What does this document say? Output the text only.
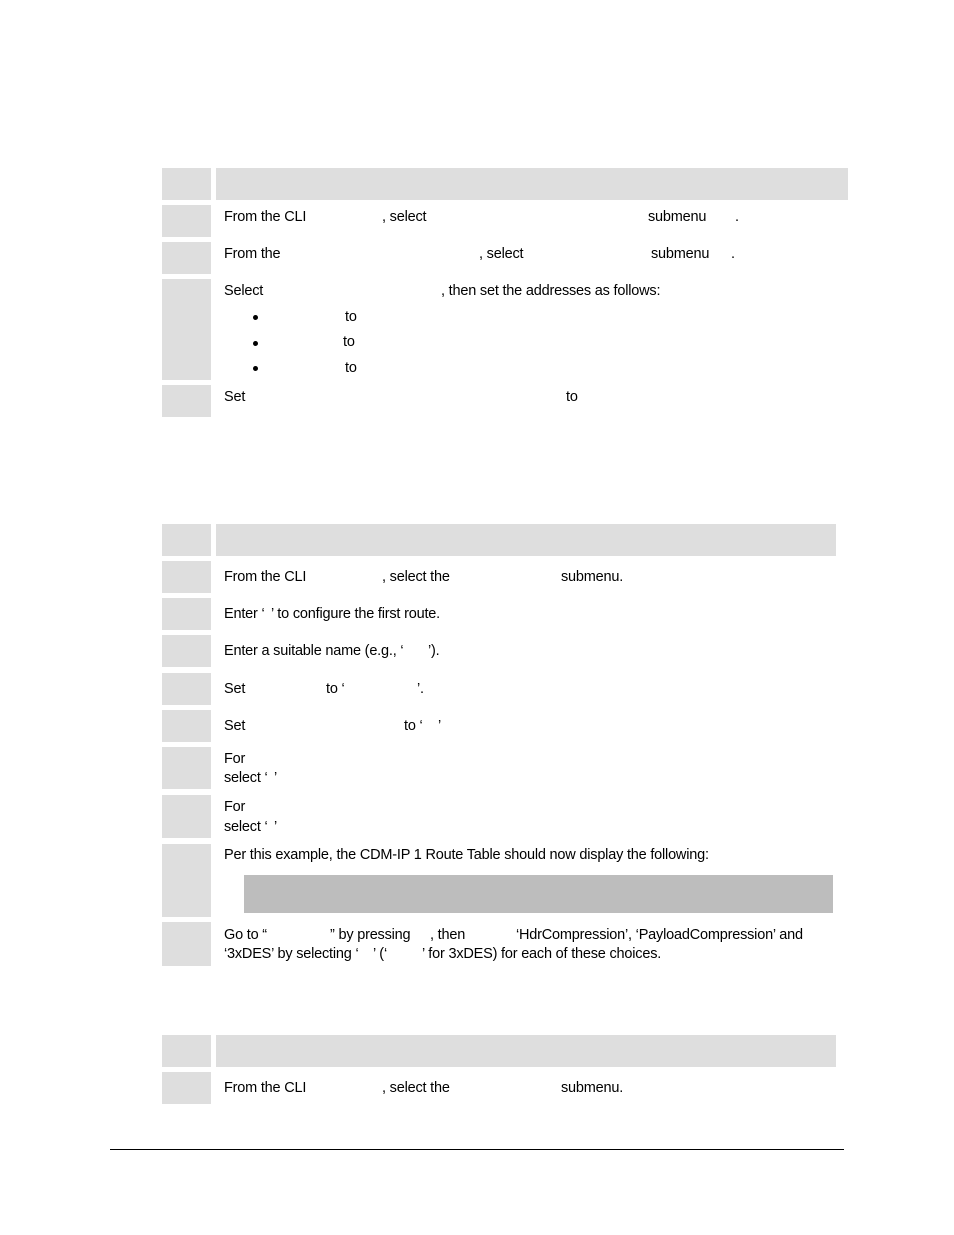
From the CLI	, select	submenu .
From the	, select	submenu .
Select	, then set the addresses as follows:
to
to
to
Set	to
From the CLI	, select the	submenu.
Enter ‘ ’ to configure the first route.
Enter a suitable name (e.g., ‘ ’).
Set	to ‘	’.
Set	to ‘ ’
For
select ‘ ’
For
select ‘ ’
Per this example, the CDM-IP 1 Route Table should now display the following:
Go to “	” by pressing , then	‘HdrCompression’, ‘PayloadCompression’ and
‘3xDES’ by selecting ‘ ’ (‘ ’ for 3xDES) for each of these choices.
From the CLI	, select the	submenu.
